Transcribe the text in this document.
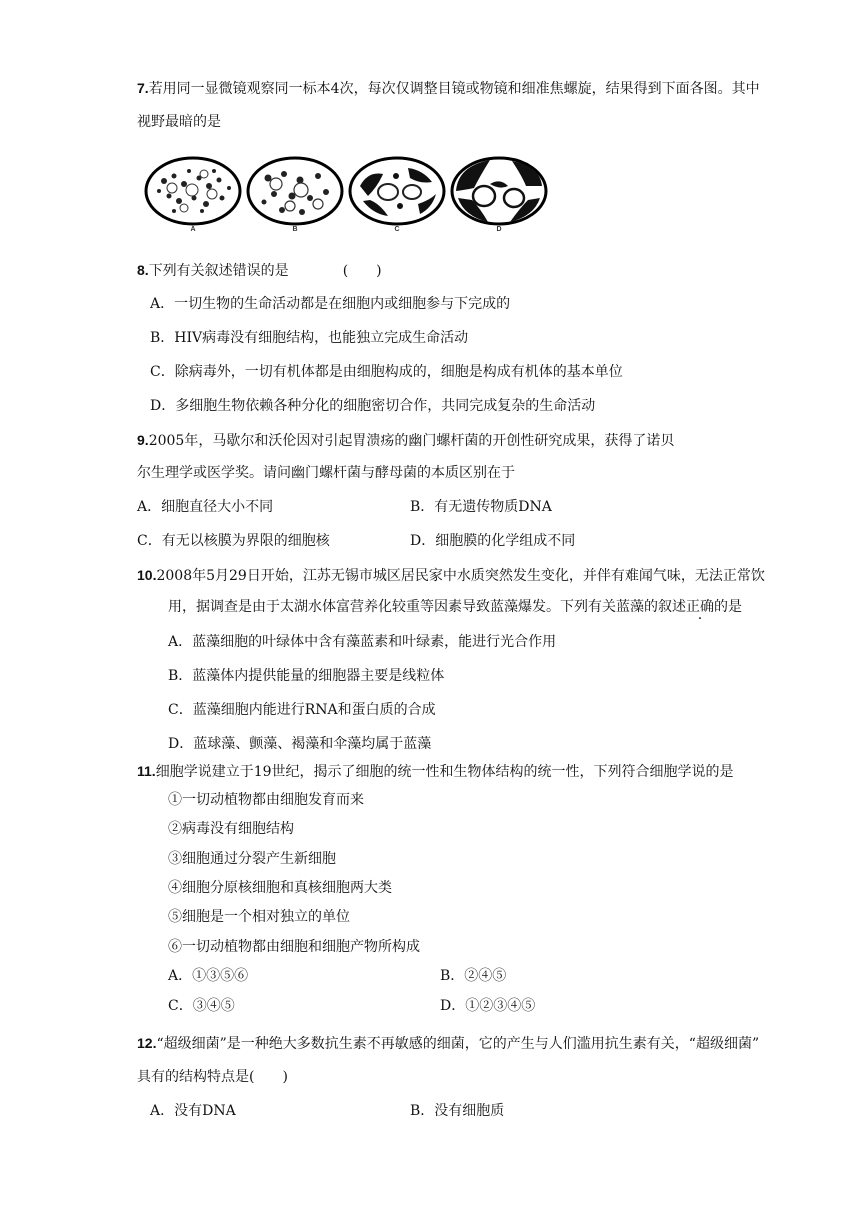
7.若用同一显微镜观察同一标本4次，每次仅调整目镜或物镜和细准焦螺旋，结果得到下面各图。其中
视野最暗的是
A	B	C	D
8.下列有关叙述错误的是	(　　)
A．一切生物的生命活动都是在细胞内或细胞参与下完成的
B．HIV病毒没有细胞结构，也能独立完成生命活动
C．除病毒外，一切有机体都是由细胞构成的，细胞是构成有机体的基本单位
D．多细胞生物依赖各种分化的细胞密切合作，共同完成复杂的生命活动
9.2005年，马歇尔和沃伦因对引起胃溃疡的幽门螺杆菌的开创性研究成果，获得了诺贝
尔生理学或医学奖。请问幽门螺杆菌与酵母菌的本质区别在于
A．细胞直径大小不同	B．有无遗传物质DNA
C．有无以核膜为界限的细胞核	D．细胞膜的化学组成不同
10.2008年5月29日开始，江苏无锡市城区居民家中水质突然发生变化，并伴有难闻气味，无法正常饮
用，据调查是由于太湖水体富营养化较重等因素导致蓝藻爆发。下列有关蓝藻的叙述正确的是
A．蓝藻细胞的叶绿体中含有藻蓝素和叶绿素，能进行光合作用
B．蓝藻体内提供能量的细胞器主要是线粒体
C．蓝藻细胞内能进行RNA和蛋白质的合成
D．蓝球藻、颤藻、褐藻和伞藻均属于蓝藻
11.细胞学说建立于19世纪，揭示了细胞的统一性和生物体结构的统一性，下列符合细胞学说的是
①一切动植物都由细胞发育而来
②病毒没有细胞结构
③细胞通过分裂产生新细胞
④细胞分原核细胞和真核细胞两大类
⑤细胞是一个相对独立的单位
⑥一切动植物都由细胞和细胞产物所构成
A．①③⑤⑥	B．②④⑤
C．③④⑤	D．①②③④⑤
12.“超级细菌”是一种绝大多数抗生素不再敏感的细菌，它的产生与人们滥用抗生素有关，“超级细菌”
具有的结构特点是(　　)
A．没有DNA	B．没有细胞质
